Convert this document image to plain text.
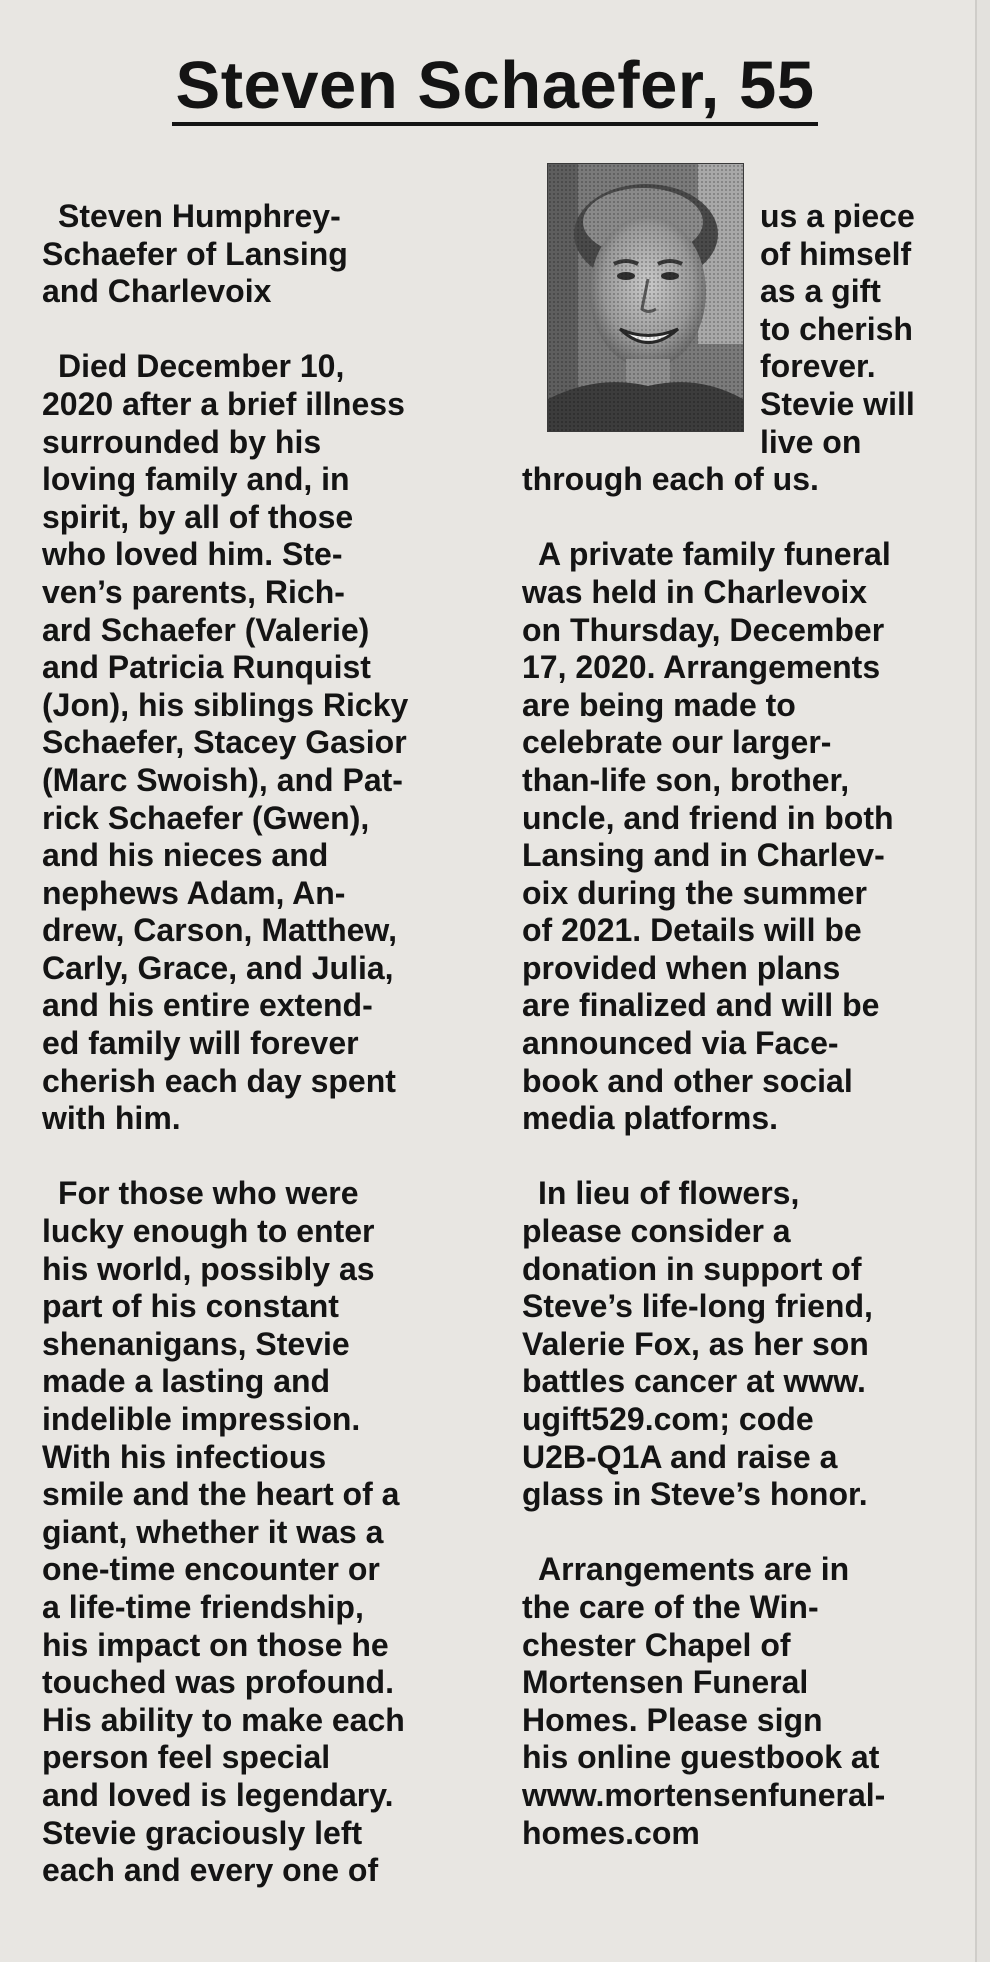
Steven Schaefer, 55
Steven Humphrey-
Schaefer of Lansing
and Charlevoix
Died December 10,
2020 after a brief illness
surrounded by his
loving family and, in
spirit, by all of those
who loved him. Ste-
ven’s parents, Rich-
ard Schaefer (Valerie)
and Patricia Runquist
(Jon), his siblings Ricky
Schaefer, Stacey Gasior
(Marc Swoish), and Pat-
rick Schaefer (Gwen),
and his nieces and
nephews Adam, An-
drew, Carson, Matthew,
Carly, Grace, and Julia,
and his entire extend-
ed family will forever
cherish each day spent
with him.
For those who were
lucky enough to enter
his world, possibly as
part of his constant
shenanigans, Stevie
made a lasting and
indelible impression.
With his infectious
smile and the heart of a
giant, whether it was a
one-time encounter or
a life-time friendship,
his impact on those he
touched was profound.
His ability to make each
person feel special
and loved is legendary.
Stevie graciously left
each and every one of
us a piece
of himself
as a gift
to cherish
forever.
Stevie will
live on
through each of us.
A private family funeral
was held in Charlevoix
on Thursday, December
17, 2020. Arrangements
are being made to
celebrate our larger-
than-life son, brother,
uncle, and friend in both
Lansing and in Charlev-
oix during the summer
of 2021. Details will be
provided when plans
are finalized and will be
announced via Face-
book and other social
media platforms.
In lieu of flowers,
please consider a
donation in support of
Steve’s life-long friend,
Valerie Fox, as her son
battles cancer at www.
ugift529.com; code
U2B-Q1A and raise a
glass in Steve’s honor.
Arrangements are in
the care of the Win-
chester Chapel of
Mortensen Funeral
Homes. Please sign
his online guestbook at
www.mortensenfuneral-
homes.com
